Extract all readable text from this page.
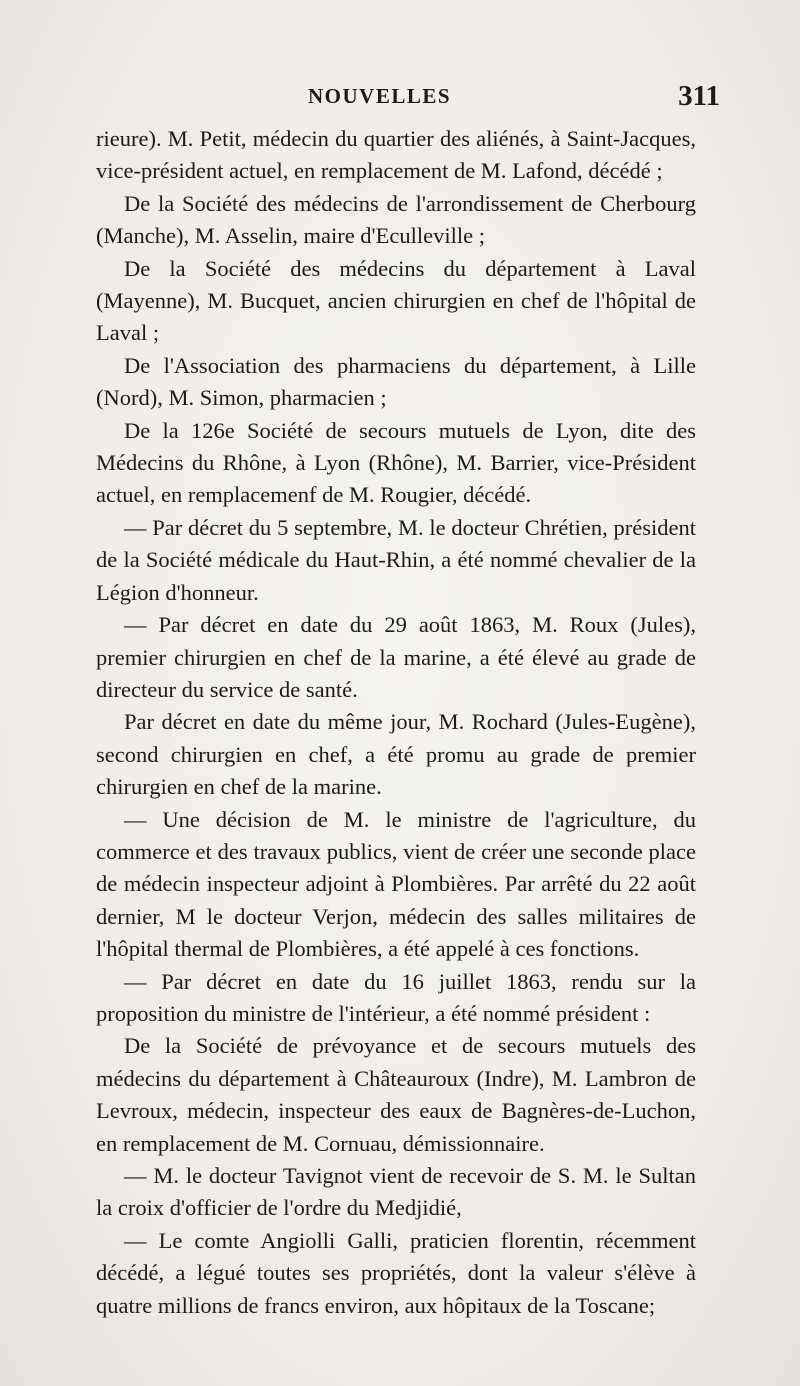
NOUVELLES	311

rieure). M. Petit, médecin du quartier des aliénés, à Saint-Jacques, vice-président actuel, en remplacement de M. Lafond, décédé ;

De la Société des médecins de l'arrondissement de Cherbourg (Manche), M. Asselin, maire d'Eculleville ;

De la Société des médecins du département à Laval (Mayenne), M. Bucquet, ancien chirurgien en chef de l'hôpital de Laval ;

De l'Association des pharmaciens du département, à Lille (Nord), M. Simon, pharmacien ;

De la 126e Société de secours mutuels de Lyon, dite des Médecins du Rhône, à Lyon (Rhône), M. Barrier, vice-Président actuel, en remplacemenf de M. Rougier, décédé.

— Par décret du 5 septembre, M. le docteur Chrétien, président de la Société médicale du Haut-Rhin, a été nommé chevalier de la Légion d'honneur.

— Par décret en date du 29 août 1863, M. Roux (Jules), premier chirurgien en chef de la marine, a été élevé au grade de directeur du service de santé.

Par décret en date du même jour, M. Rochard (Jules-Eugène), second chirurgien en chef, a été promu au grade de premier chirurgien en chef de la marine.

— Une décision de M. le ministre de l'agriculture, du commerce et des travaux publics, vient de créer une seconde place de médecin inspecteur adjoint à Plombières. Par arrêté du 22 août dernier, M le docteur Verjon, médecin des salles militaires de l'hôpital thermal de Plombières, a été appelé à ces fonctions.

— Par décret en date du 16 juillet 1863, rendu sur la proposition du ministre de l'intérieur, a été nommé président :

De la Société de prévoyance et de secours mutuels des médecins du département à Châteauroux (Indre), M. Lambron de Levroux, médecin, inspecteur des eaux de Bagnères-de-Luchon, en remplacement de M. Cornuau, démissionnaire.

— M. le docteur Tavignot vient de recevoir de S. M. le Sultan la croix d'officier de l'ordre du Medjidié,

— Le comte Angiolli Galli, praticien florentin, récemment décédé, a légué toutes ses propriétés, dont la valeur s'élève à quatre millions de francs environ, aux hôpitaux de la Toscane;
